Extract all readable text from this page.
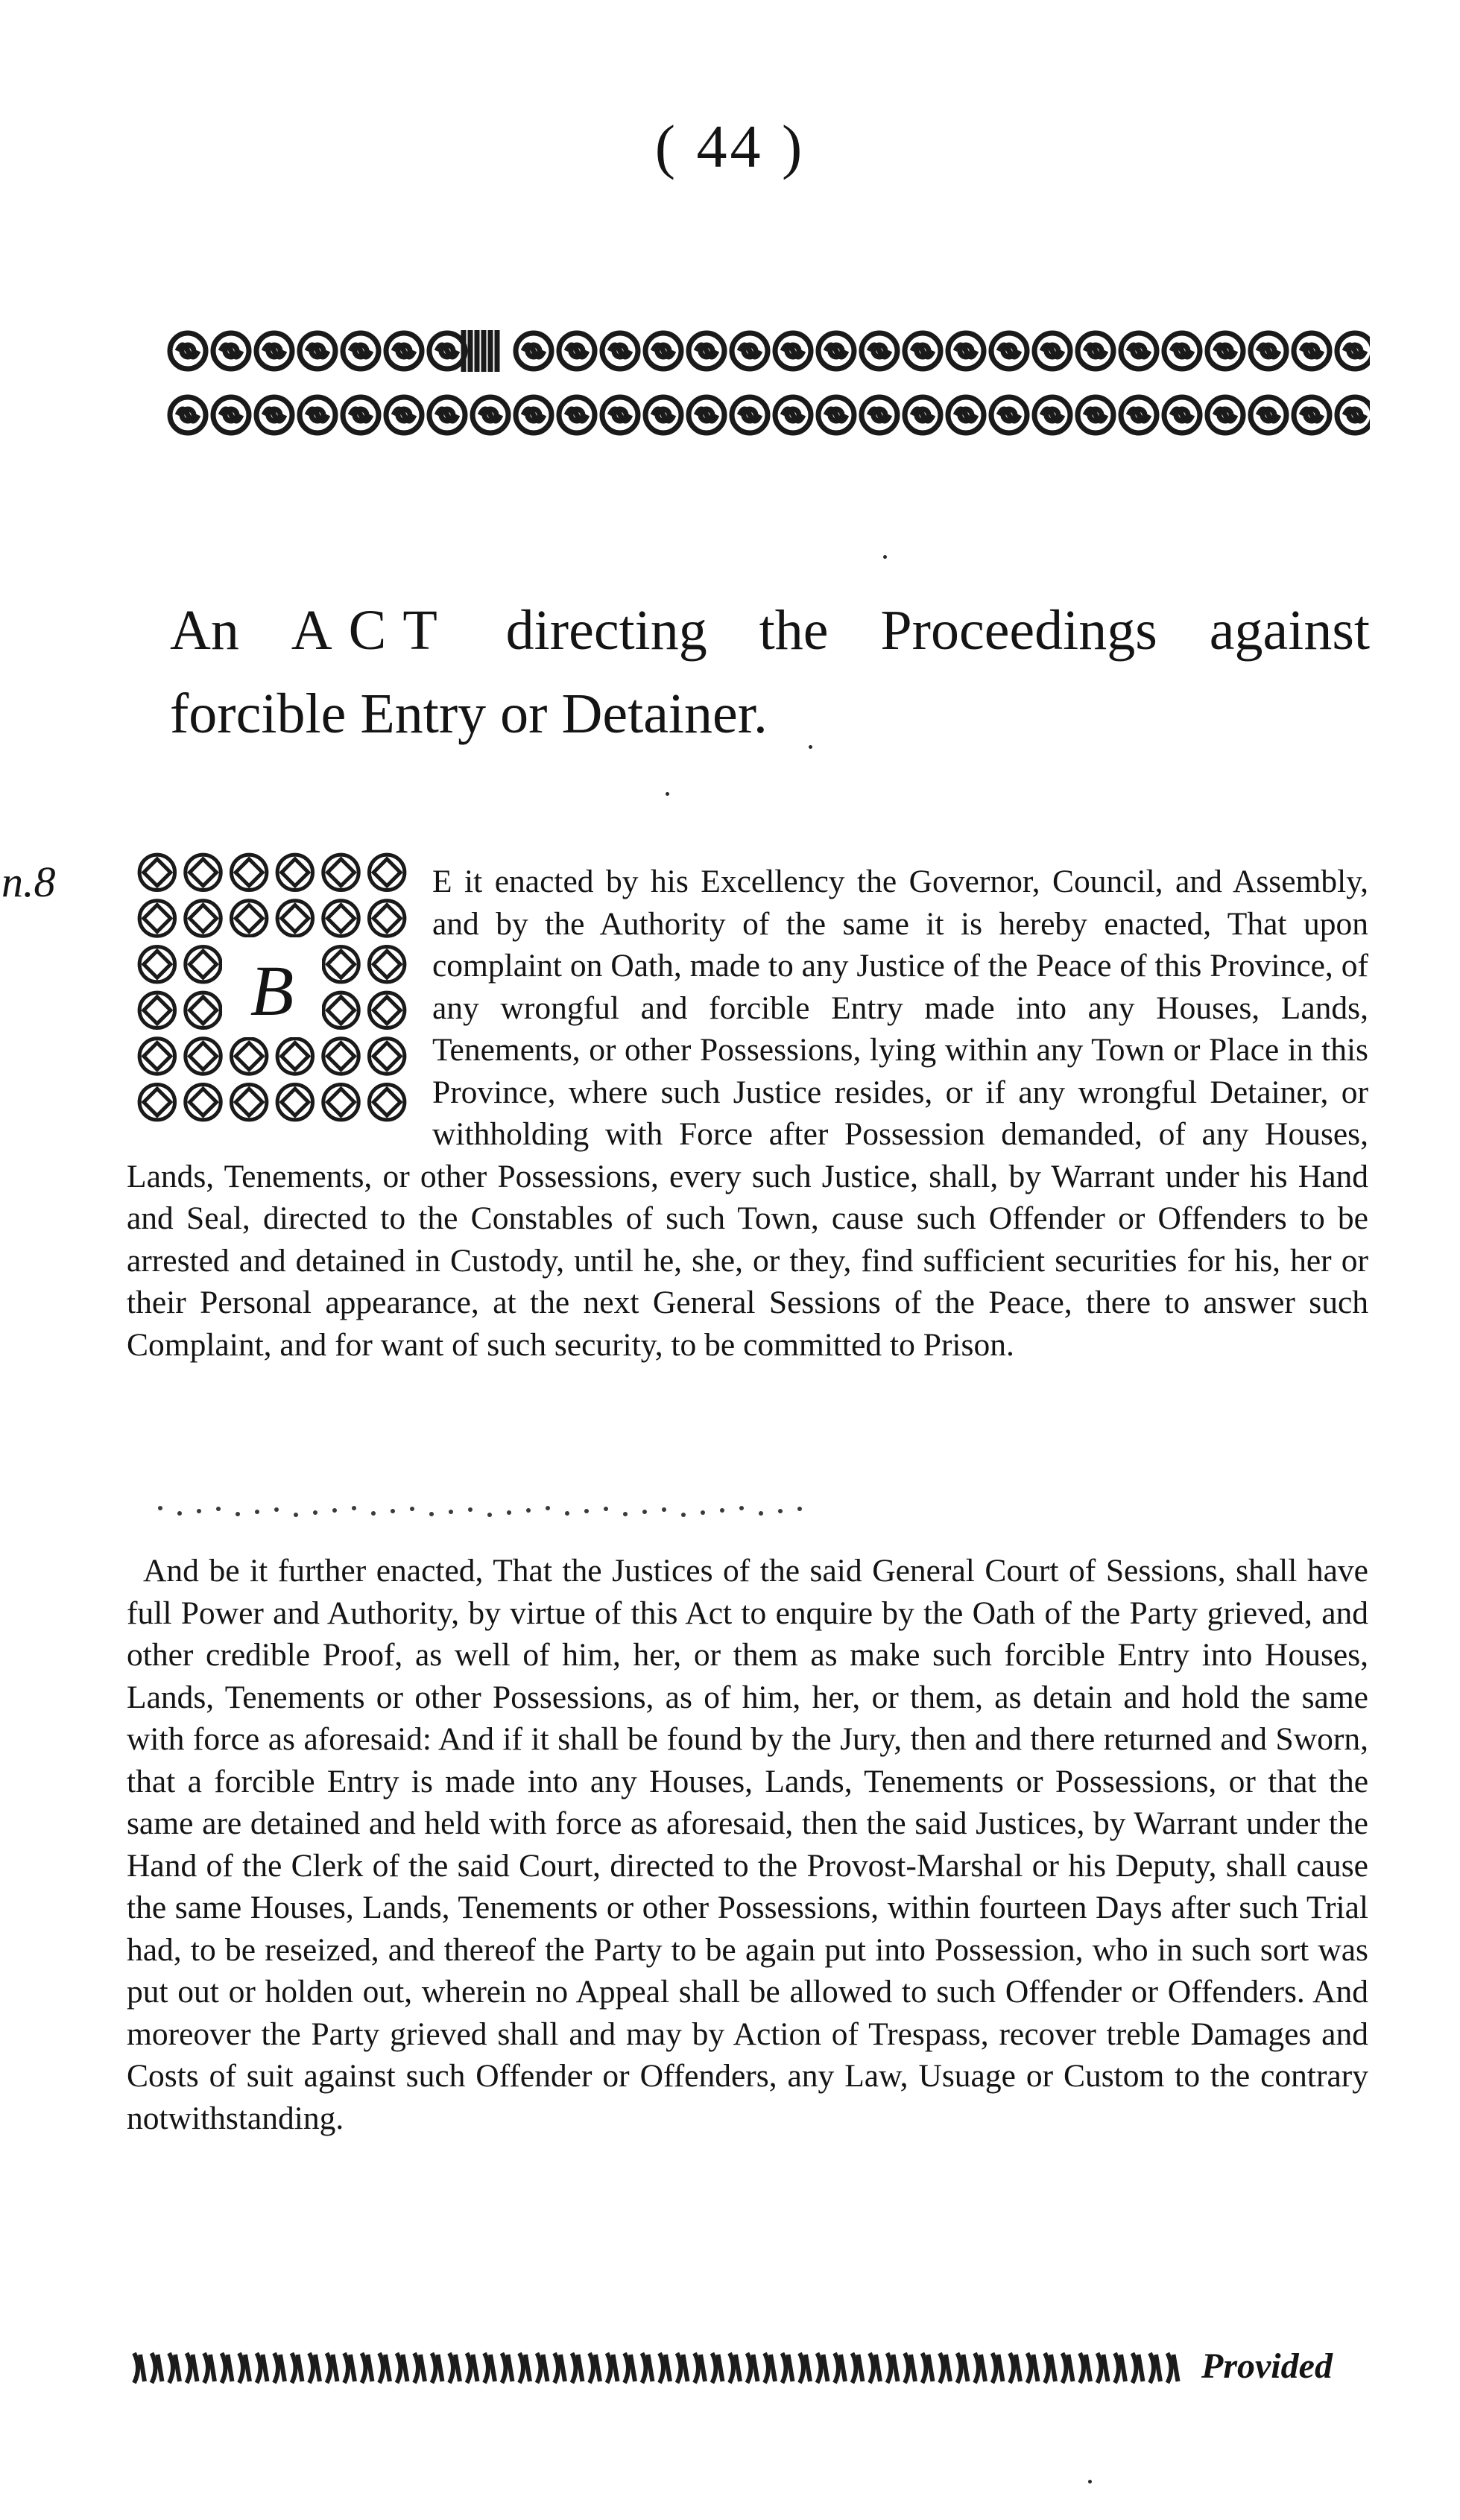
( 44 )
An ACT directing the Proceedings against forcible Entry or Detainer.
n.8
B

E it enacted by his Excellency the Governor, Council, and Assembly, and by the Authority of the same it is hereby enacted, That upon complaint on Oath, made to any Justice of the Peace of this Province, of any wrongful and forcible Entry made into any Houses, Lands, Tenements, or other Possessions, lying within any Town or Place in this Province, where such Justice resides, or if any wrongful Detainer, or withholding with Force after Possession demanded, of any Houses, Lands, Tenements, or other Possessions, every such Justice, shall, by Warrant under his Hand and Seal, directed to the Constables of such Town, cause such Offender or Offenders to be arrested and detained in Custody, until he, she, or they, find sufficient securities for his, her or their Personal appearance, at the next General Sessions of the Peace, there to answer such Complaint, and for want of such security, to be committed to Prison.

And be it further enacted, That the Justices of the said General Court of Sessions, shall have full Power and Authority, by virtue of this Act to enquire by the Oath of the Party grieved, and other credible Proof, as well of him, her, or them as make such forcible Entry into Houses, Lands, Tenements or other Possessions, as of him, her, or them, as detain and hold the same with force as aforesaid: And if it shall be found by the Jury, then and there returned and Sworn, that a forcible Entry is made into any Houses, Lands, Tenements or Possessions, or that the same are detained and held with force as aforesaid, then the said Justices, by Warrant under the Hand of the Clerk of the said Court, directed to the Provost-Marshal or his Deputy, shall cause the same Houses, Lands, Tenements or other Possessions, within fourteen Days after such Trial had, to be reseized, and thereof the Party to be again put into Possession, who in such sort was put out or holden out, wherein no Appeal shall be allowed to such Offender or Offenders. And moreover the Party grieved shall and may by Action of Trespass, recover treble Damages and Costs of suit against such Offender or Offenders, any Law, Usuage or Custom to the contrary notwithstanding.

Provided
